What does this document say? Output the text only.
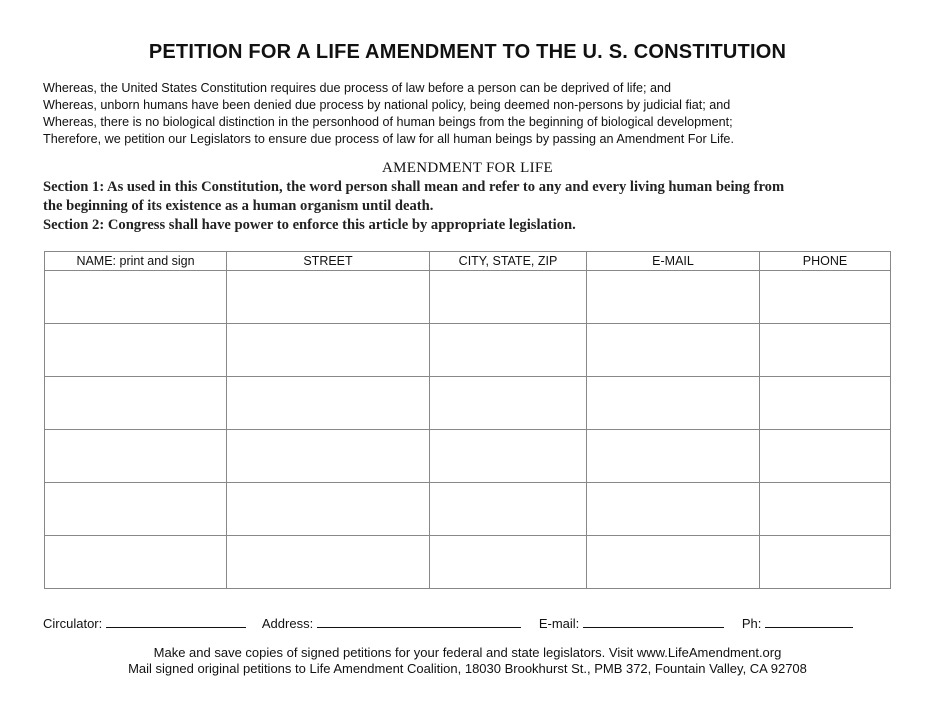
PETITION FOR A LIFE AMENDMENT TO THE U. S. CONSTITUTION
Whereas, the United States Constitution requires due process of law before a person can be deprived of life; and
Whereas, unborn humans have been denied due process by national policy, being deemed non-persons by judicial fiat; and
Whereas, there is no biological distinction in the personhood of human beings from the beginning of biological development;
Therefore, we petition our Legislators to ensure due process of law for all human beings by passing an Amendment For Life.
AMENDMENT FOR LIFE
Section 1: As used in this Constitution, the word person shall mean and refer to any and every living human being from
the beginning of its existence as a human organism until death.
Section 2: Congress shall have power to enforce this article by appropriate legislation.
NAME: print and sign	STREET	CITY, STATE, ZIP	E-MAIL	PHONE

Circulator:	Address:	E-mail:	Ph:
Make and save copies of signed petitions for your federal and state legislators. Visit www.LifeAmendment.org
Mail signed original petitions to Life Amendment Coalition, 18030 Brookhurst St., PMB 372, Fountain Valley, CA 92708
